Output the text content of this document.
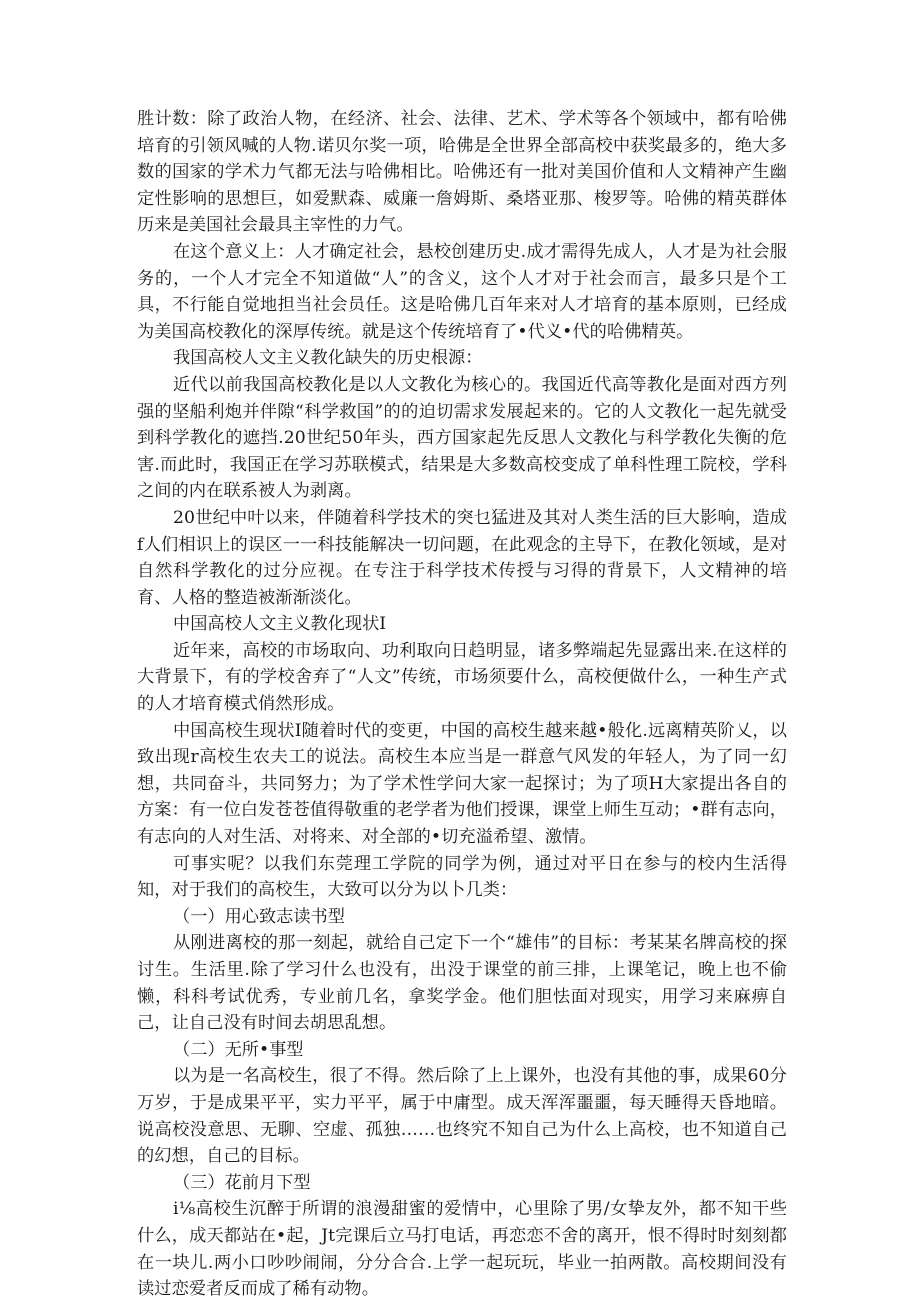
胜计数：除了政治人物，在经济、社会、法律、艺术、学术等各个领域中，都有哈佛培育的引领风喊的人物.诺贝尔奖一项，哈佛是全世界全部高校中获奖最多的，绝大多数的国家的学术力气都无法与哈佛相比。哈佛还有一批对美国价值和人文精神产生幽定性影响的思想巨，如爱默森、威廉一詹姆斯、桑塔亚那、梭罗等。哈佛的精英群体历来是美国社会最具主宰性的力气。

在这个意义上：人才确定社会，悬校创建历史.成才需得先成人，人才是为社会服务的，一个人才完全不知道做“人”的含义，这个人才对于社会而言，最多只是个工具，不行能自觉地担当社会员任。这是哈佛几百年来对人才培育的基本原则，已经成为美国高校教化的深厚传统。就是这个传统培育了•代义•代的哈佛精英。

我国高校人文主义教化缺失的历史根源：

近代以前我国高校教化是以人文教化为核心的。我国近代高等教化是面对西方列强的坚船利炮并伴隙“科学救国”的的迫切需求发展起来的。它的人文教化一起先就受到科学教化的遮挡.20世纪50年头，西方国家起先反思人文教化与科学教化失衡的危害.而此时，我国正在学习苏联模式，结果是大多数高校变成了单科性理工院校，学科之间的内在联系被人为剥离。

20世纪中叶以来，伴随着科学技术的突乜猛进及其对人类生活的巨大影响，造成f人们相识上的误区一一科技能解决一切问题，在此观念的主导下，在教化领域，是对自然科学教化的过分应视。在专注于科学技术传授与习得的背景下，人文精神的培育、人格的整造被渐渐淡化。

中国高校人文主义教化现状I

近年来，高校的市场取向、功利取向日趋明显，诸多弊端起先显露出来.在这样的大背景下，有的学校舍弃了“人文”传统，市场须要什么，高校便做什么，一种生产式的人才培育模式俏然形成。

中国高校生现状I随着时代的变更，中国的高校生越来越•般化.远离精英阶乂，以致出现r高校生农夫工的说法。高校生本应当是一群意气风发的年轻人，为了同一幻想，共同奋斗，共同努力；为了学术性学问大家一起探讨；为了项H大家提出各自的方案：有一位白发苍苍值得敬重的老学者为他们授课，课堂上师生互动；•群有志向，有志向的人对生活、对将来、对全部的•切充溢希望、激情。

可事实呢？以我们东莞理工学院的同学为例，通过对平日在参与的校内生活得知，对于我们的高校生，大致可以分为以卜几类：

（一）用心致志读书型

从刚进离校的那一刻起，就给自己定下一个“雄伟”的目标：考某某名牌高校的探讨生。生活里.除了学习什么也没有，出没于课堂的前三排，上课笔记，晚上也不偷懒，科科考试优秀，专业前几名，拿奖学金。他们胆怯面对现实，用学习来麻痹自己，让自己没有时间去胡思乱想。

（二）无所•事型

以为是一名高校生，很了不得。然后除了上上课外，也没有其他的事，成果60分万岁，于是成果平平，实力平平，属于中庸型。成天浑浑噩噩，每天睡得天昏地暗。说高校没意思、无聊、空虚、孤独……也终究不知自己为什么上高校，也不知道自己的幻想，自己的目标。

（三）花前月下型

i⅛高校生沉醉于所谓的浪漫甜蜜的爱情中，心里除了男/女挚友外，都不知干些什么，成天都站在•起，Jt完课后立马打电话，再恋恋不舍的离开，恨不得时时刻刻都在一块儿.两小口吵吵闹闹，分分合合.上学一起玩玩，毕业一拍两散。高校期间没有读过恋爱者反而成了稀有动物。
